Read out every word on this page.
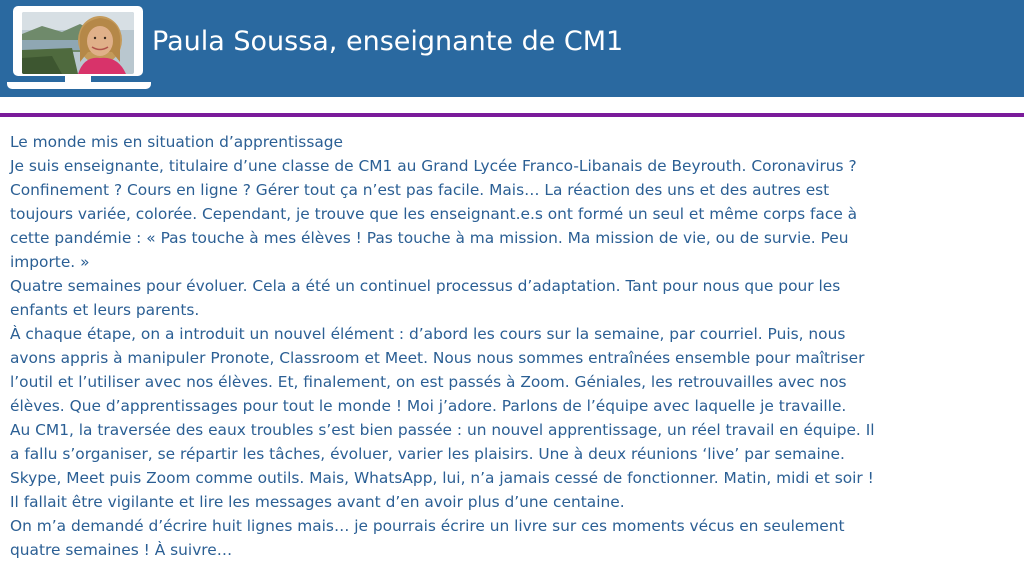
Paula Soussa, enseignante de CM1
Le monde mis en situation d’apprentissage
Je suis enseignante, titulaire d’une classe de CM1 au Grand Lycée Franco-Libanais de Beyrouth. Coronavirus ?
Confinement ? Cours en ligne ? Gérer tout ça n’est pas facile. Mais… La réaction des uns et des autres est
toujours variée, colorée. Cependant, je trouve que les enseignant.e.s ont formé un seul et même corps face à
cette pandémie : « Pas touche à mes élèves ! Pas touche à ma mission. Ma mission de vie, ou de survie. Peu
importe. »
Quatre semaines pour évoluer. Cela a été un continuel processus d’adaptation. Tant pour nous que pour les
enfants et leurs parents.
À chaque étape, on a introduit un nouvel élément : d’abord les cours sur la semaine, par courriel. Puis, nous
avons appris à manipuler Pronote, Classroom et Meet. Nous nous sommes entraînées ensemble pour maîtriser
l’outil et l’utiliser avec nos élèves. Et, finalement, on est passés à Zoom. Géniales, les retrouvailles avec nos
élèves. Que d’apprentissages pour tout le monde ! Moi j’adore. Parlons de l’équipe avec laquelle je travaille.
Au CM1, la traversée des eaux troubles s’est bien passée : un nouvel apprentissage, un réel travail en équipe. Il
a fallu s’organiser, se répartir les tâches, évoluer, varier les plaisirs. Une à deux réunions ‘live’ par semaine.
Skype, Meet puis Zoom comme outils. Mais, WhatsApp, lui, n’a jamais cessé de fonctionner. Matin, midi et soir !
Il fallait être vigilante et lire les messages avant d’en avoir plus d’une centaine.
On m’a demandé d’écrire huit lignes mais… je pourrais écrire un livre sur ces moments vécus en seulement
quatre semaines ! À suivre…
